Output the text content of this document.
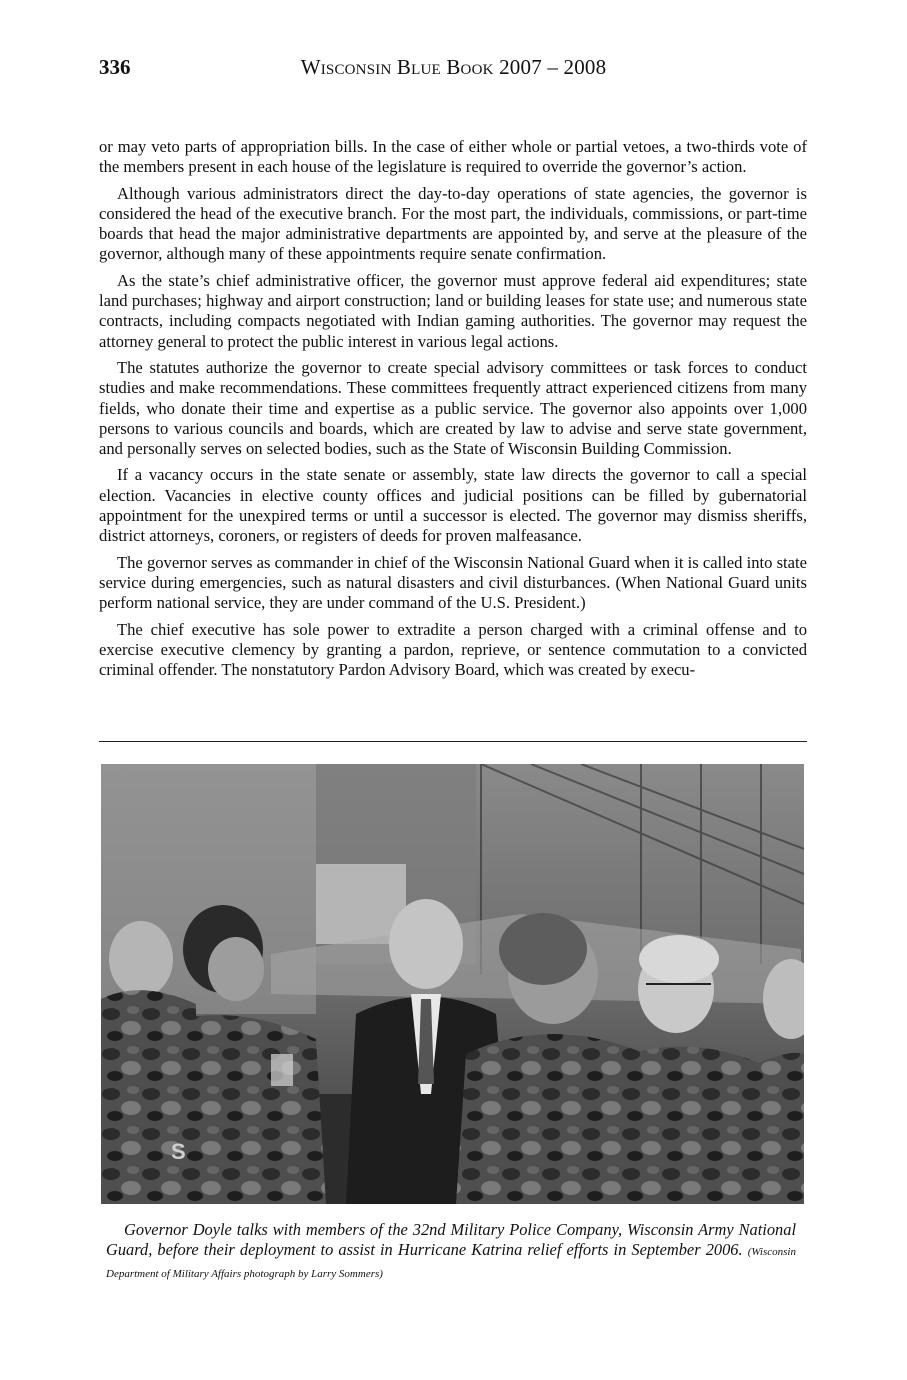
336	Wisconsin Blue Book 2007 – 2008

or may veto parts of appropriation bills. In the case of either whole or partial vetoes, a two-thirds vote of the members present in each house of the legislature is required to override the governor’s action.

Although various administrators direct the day-to-day operations of state agencies, the governor is considered the head of the executive branch. For the most part, the individuals, commissions, or part-time boards that head the major administrative departments are appointed by, and serve at the pleasure of the governor, although many of these appointments require senate confirmation.

As the state’s chief administrative officer, the governor must approve federal aid expenditures; state land purchases; highway and airport construction; land or building leases for state use; and numerous state contracts, including compacts negotiated with Indian gaming authorities. The governor may request the attorney general to protect the public interest in various legal actions.

The statutes authorize the governor to create special advisory committees or task forces to conduct studies and make recommendations. These committees frequently attract experienced citizens from many fields, who donate their time and expertise as a public service. The governor also appoints over 1,000 persons to various councils and boards, which are created by law to advise and serve state government, and personally serves on selected bodies, such as the State of Wisconsin Building Commission.

If a vacancy occurs in the state senate or assembly, state law directs the governor to call a special election. Vacancies in elective county offices and judicial positions can be filled by gubernatorial appointment for the unexpired terms or until a successor is elected. The governor may dismiss sheriffs, district attorneys, coroners, or registers of deeds for proven malfeasance.

The governor serves as commander in chief of the Wisconsin National Guard when it is called into state service during emergencies, such as natural disasters and civil disturbances. (When National Guard units perform national service, they are under command of the U.S. President.)

The chief executive has sole power to extradite a person charged with a criminal offense and to exercise executive clemency by granting a pardon, reprieve, or sentence commutation to a convicted criminal offender. The nonstatutory Pardon Advisory Board, which was created by execu-

S
Governor Doyle talks with members of the 32nd Military Police Company, Wisconsin Army National Guard, before their deployment to assist in Hurricane Katrina relief efforts in September 2006. (Wisconsin Department of Military Affairs photograph by Larry Sommers)
